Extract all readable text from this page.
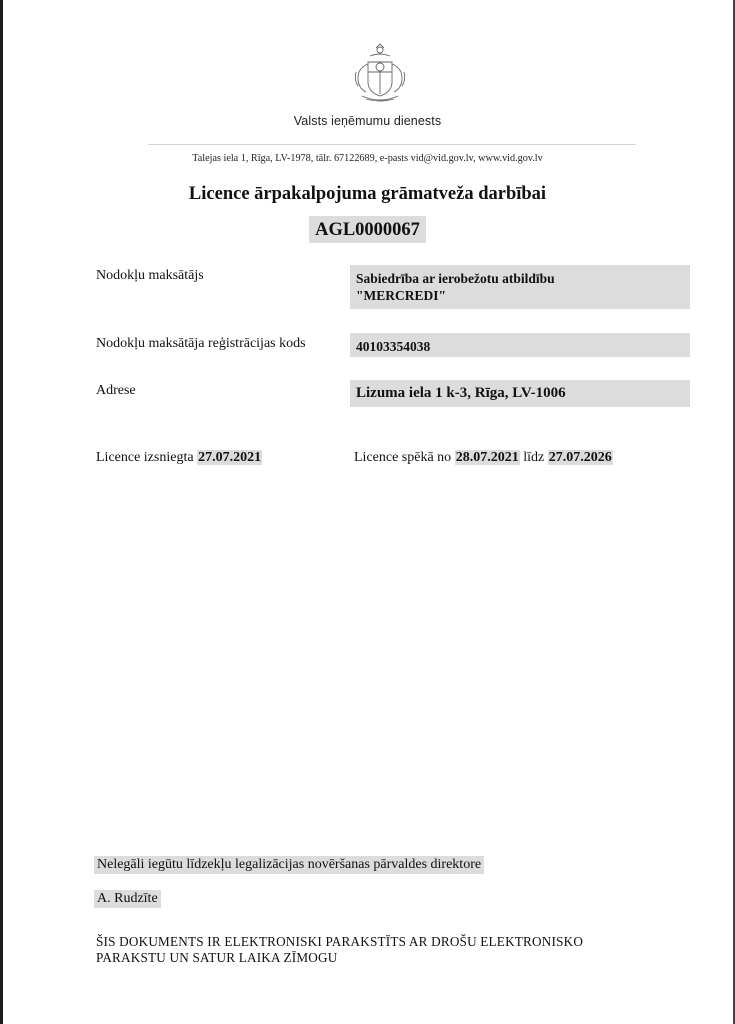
Valsts ieņēmumu dienests
Talejas iela 1, Rīga, LV-1978, tālr. 67122689, e-pasts vid@vid.gov.lv, www.vid.gov.lv
Licence ārpakalpojuma grāmatveža darbībai
AGL0000067
Nodokļu maksātājs	Sabiedrība ar ierobežotu atbildību
"MERCREDI"
Nodokļu maksātāja reģistrācijas kods	40103354038
Adrese	Lizuma iela 1 k-3, Rīga, LV-1006
Licence izsniegta 27.07.2021	Licence spēkā no 28.07.2021 līdz 27.07.2026
Nelegāli iegūtu līdzekļu legalizācijas novēršanas pārvaldes direktore
A. Rudzīte
ŠIS DOKUMENTS IR ELEKTRONISKI PARAKSTĪTS AR DROŠU ELEKTRONISKO
PARAKSTU UN SATUR LAIKA ZĪMOGU
